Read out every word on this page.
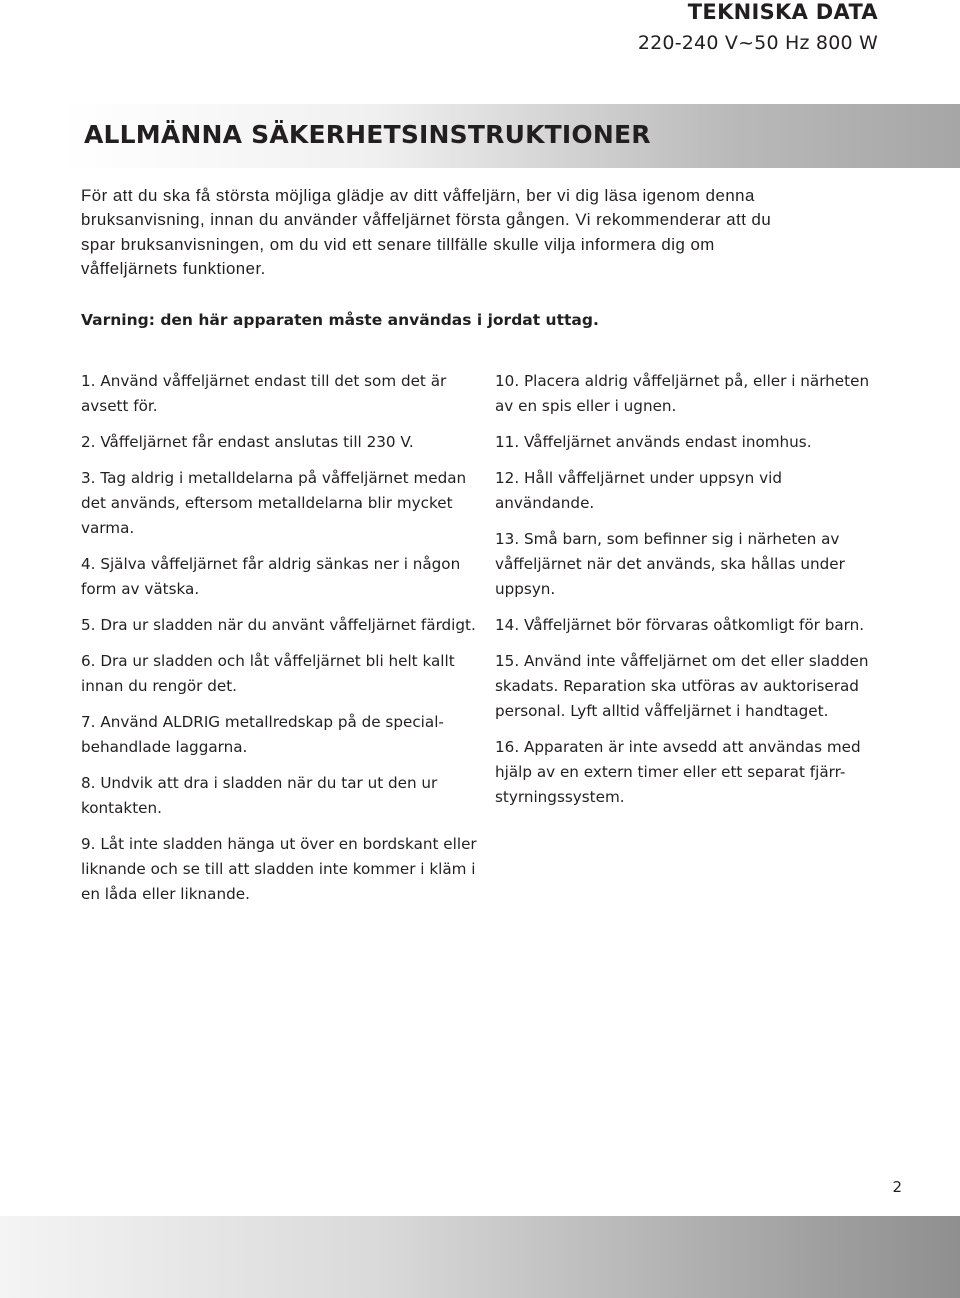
TEKNISKA DATA
220-240 V~50 Hz 800 W
ALLMÄNNA SÄKERHETSINSTRUKTIONER

För att du ska få största möjliga glädje av ditt våffeljärn, ber vi dig läsa igenom denna bruksanvisning, innan du använder våffeljärnet första gången. Vi rekommenderar att du spar bruksanvisningen, om du vid ett senare tillfälle skulle vilja informera dig om våffeljärnets funktioner.

Varning: den här apparaten måste användas i jordat uttag.
1. Använd våffeljärnet endast till det som det är avsett för.
2. Våffeljärnet får endast anslutas till 230 V.
3. Tag aldrig i metalldelarna på våffeljärnet medan det används, eftersom metalldelarna blir mycket varma.
4. Själva våffeljärnet får aldrig sänkas ner i någon form av vätska.
5. Dra ur sladden när du använt våffeljärnet färdigt.
6. Dra ur sladden och låt våffeljärnet bli helt kallt innan du rengör det.
7. Använd ALDRIG metallredskap på de special-behandlade laggarna.
8. Undvik att dra i sladden när du tar ut den ur kontakten.
9. Låt inte sladden hänga ut över en bordskant eller liknande och se till att sladden inte kommer i kläm i en låda eller liknande.
10. Placera aldrig våffeljärnet på, eller i närheten av en spis eller i ugnen.
11. Våffeljärnet används endast inomhus.
12. Håll våffeljärnet under uppsyn vid användande.
13. Små barn, som befinner sig i närheten av våffeljärnet när det används, ska hållas under uppsyn.
14. Våffeljärnet bör förvaras oåtkomligt för barn.
15. Använd inte våffeljärnet om det eller sladden skadats. Reparation ska utföras av auktoriserad personal. Lyft alltid våffeljärnet i handtaget.
16. Apparaten är inte avsedd att användas med hjälp av en extern timer eller ett separat fjärr-styrningssystem.
2
